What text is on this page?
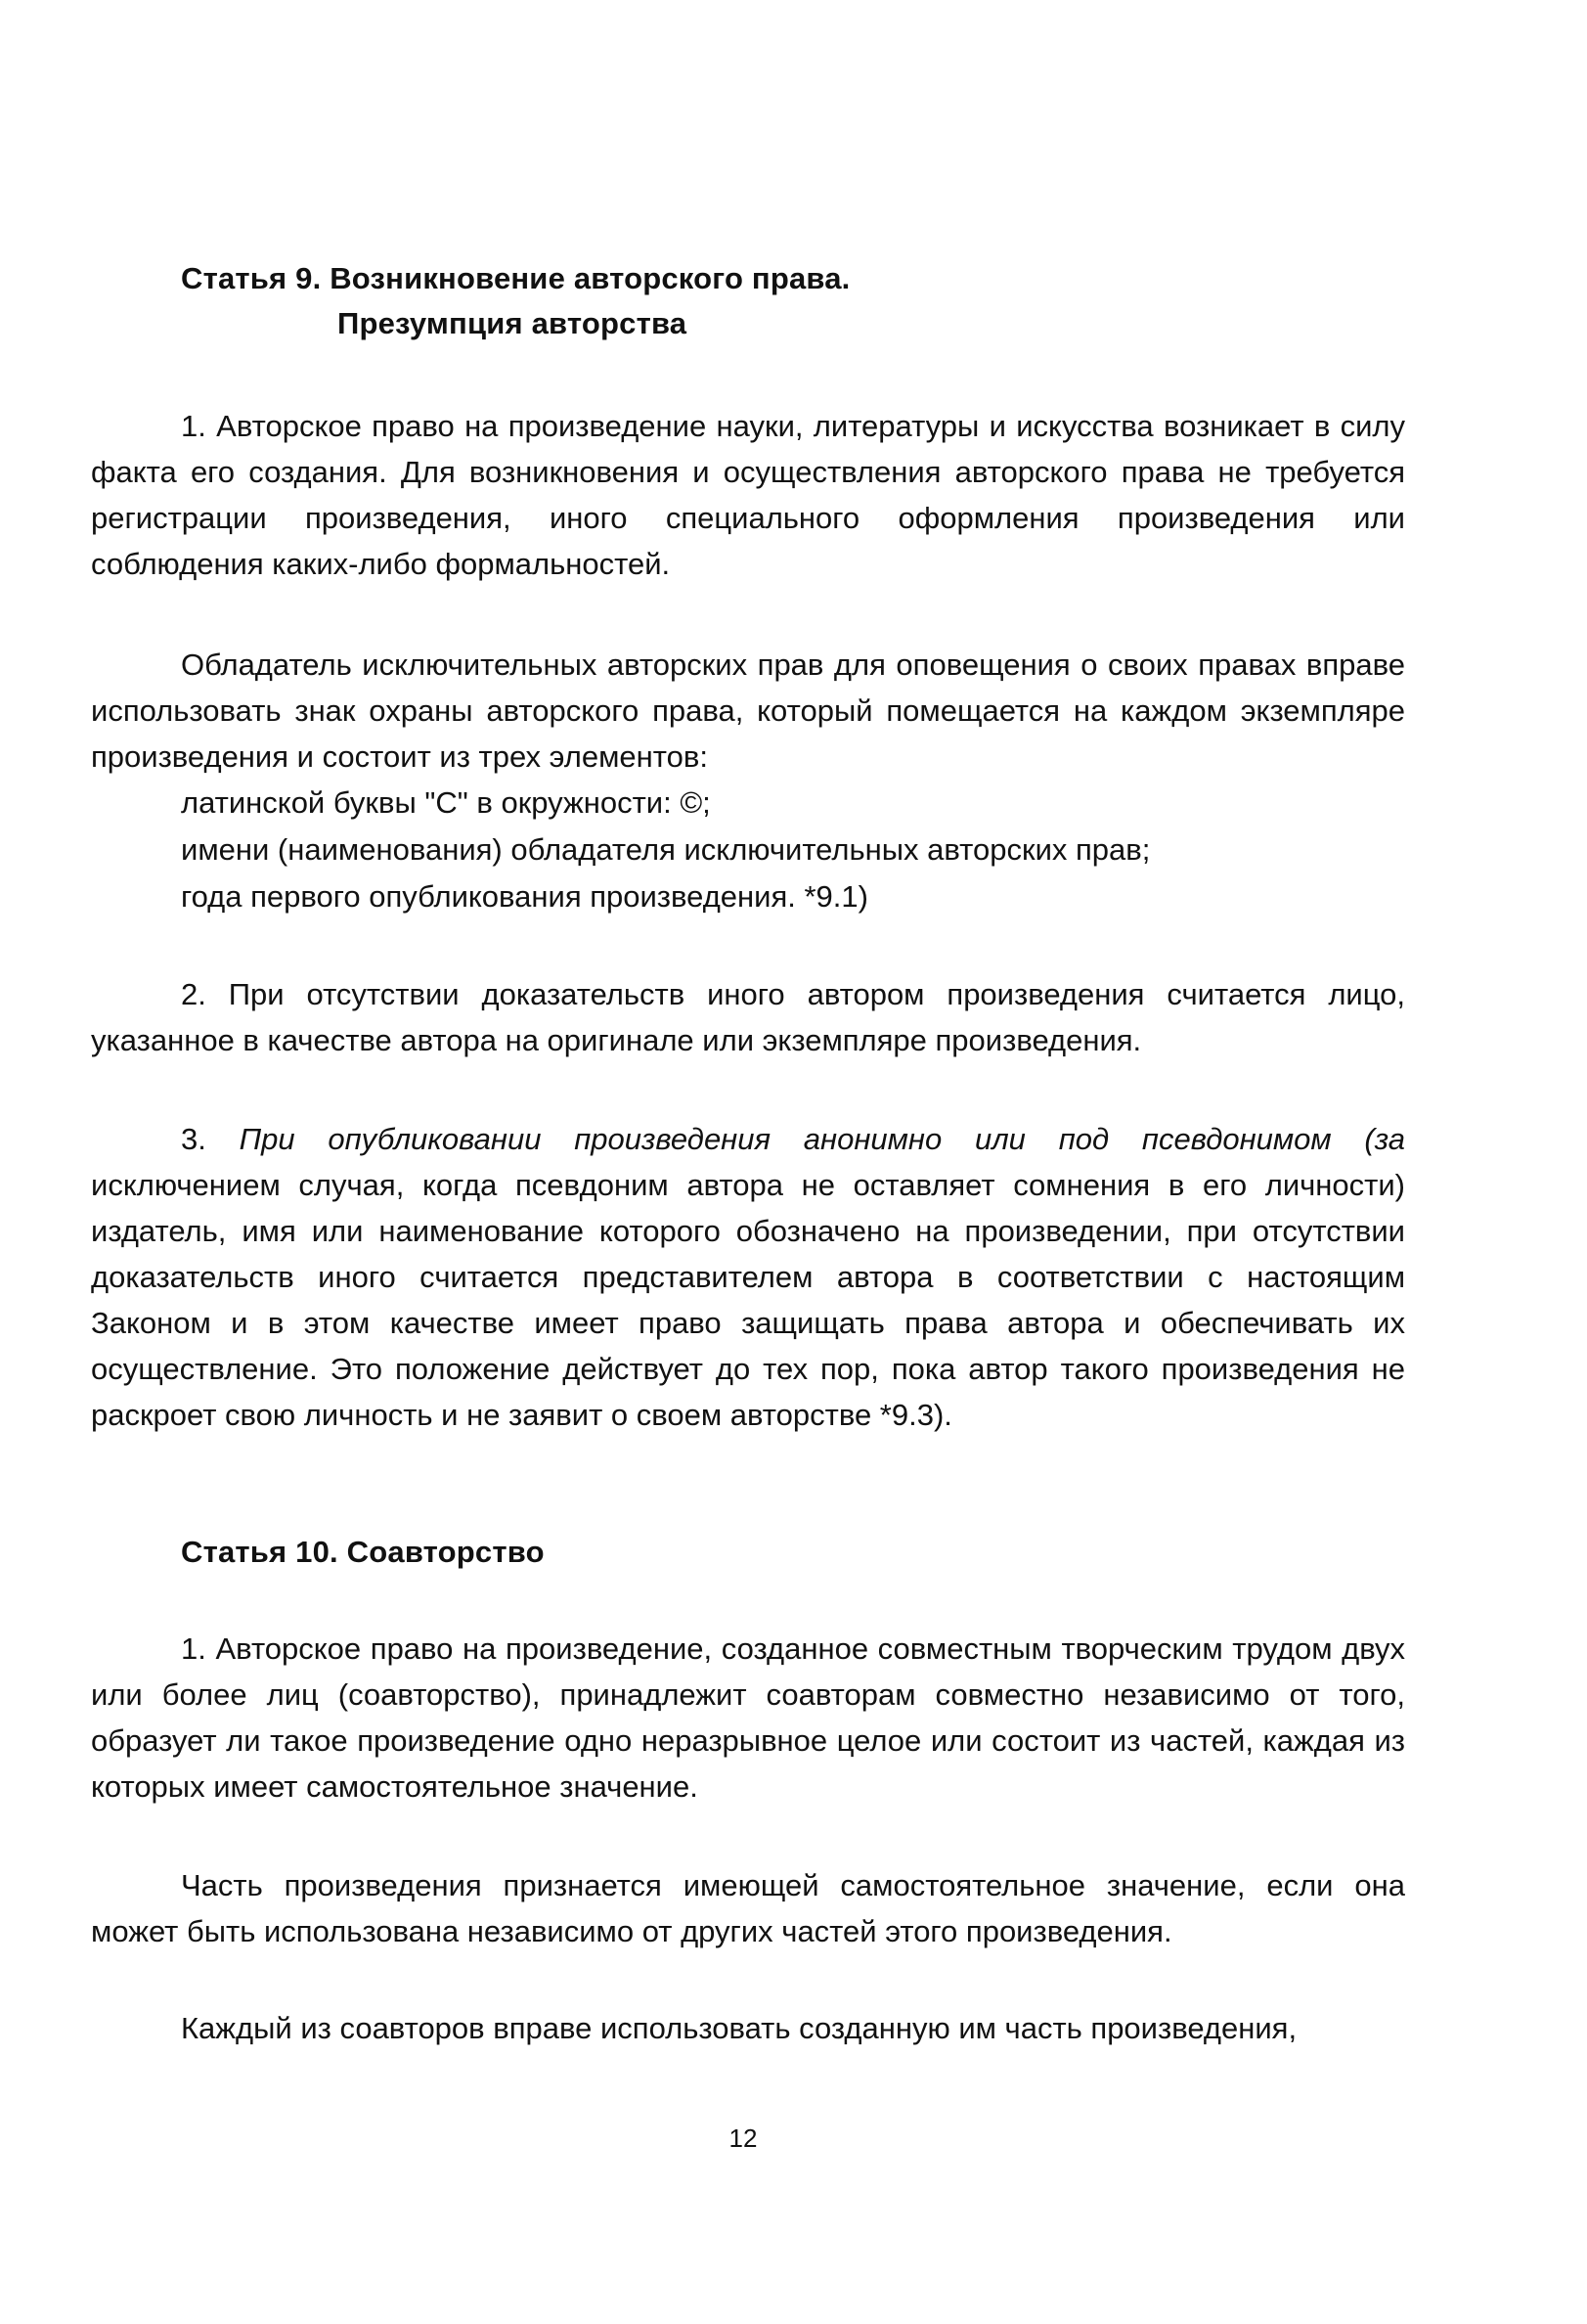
Статья 9. Возникновение авторского права.
Презумпция авторства

1. Авторское право на произведение науки, литературы и искусства возникает в силу факта его создания. Для возникновения и осуществления авторского права не требуется регистрации произведения, иного специального оформления произведения или соблюдения каких-либо формальностей.

Обладатель исключительных авторских прав для оповещения о своих правах вправе использовать знак охраны авторского права, который помещается на каждом экземпляре произведения и состоит из трех элементов:

латинской буквы "С" в окружности: ©;

имени (наименования) обладателя исключительных авторских прав;

года первого опубликования произведения. *9.1)

2. При отсутствии доказательств иного автором произведения считается лицо, указанное в качестве автора на оригинале или экземпляре произведения.

3. При опубликовании произведения анонимно или под псевдонимом (за исключением случая, когда псевдоним автора не оставляет сомнения в его личности) издатель, имя или наименование которого обозначено на произведении, при отсутствии доказательств иного считается представителем автора в соответствии с настоящим Законом и в этом качестве имеет право защищать права автора и обеспечивать их осуществление. Это положение действует до тех пор, пока автор такого произведения не раскроет свою личность и не заявит о своем авторстве *9.3).

Статья 10. Соавторство

1. Авторское право на произведение, созданное совместным творческим трудом двух или более лиц (соавторство), принадлежит соавторам совместно независимо от того, образует ли такое произведение одно неразрывное целое или состоит из частей, каждая из которых имеет самостоятельное значение.

Часть произведения признается имеющей самостоятельное значение, если она может быть использована независимо от других частей этого произведения.

Каждый из соавторов вправе использовать созданную им часть произведения,

12
